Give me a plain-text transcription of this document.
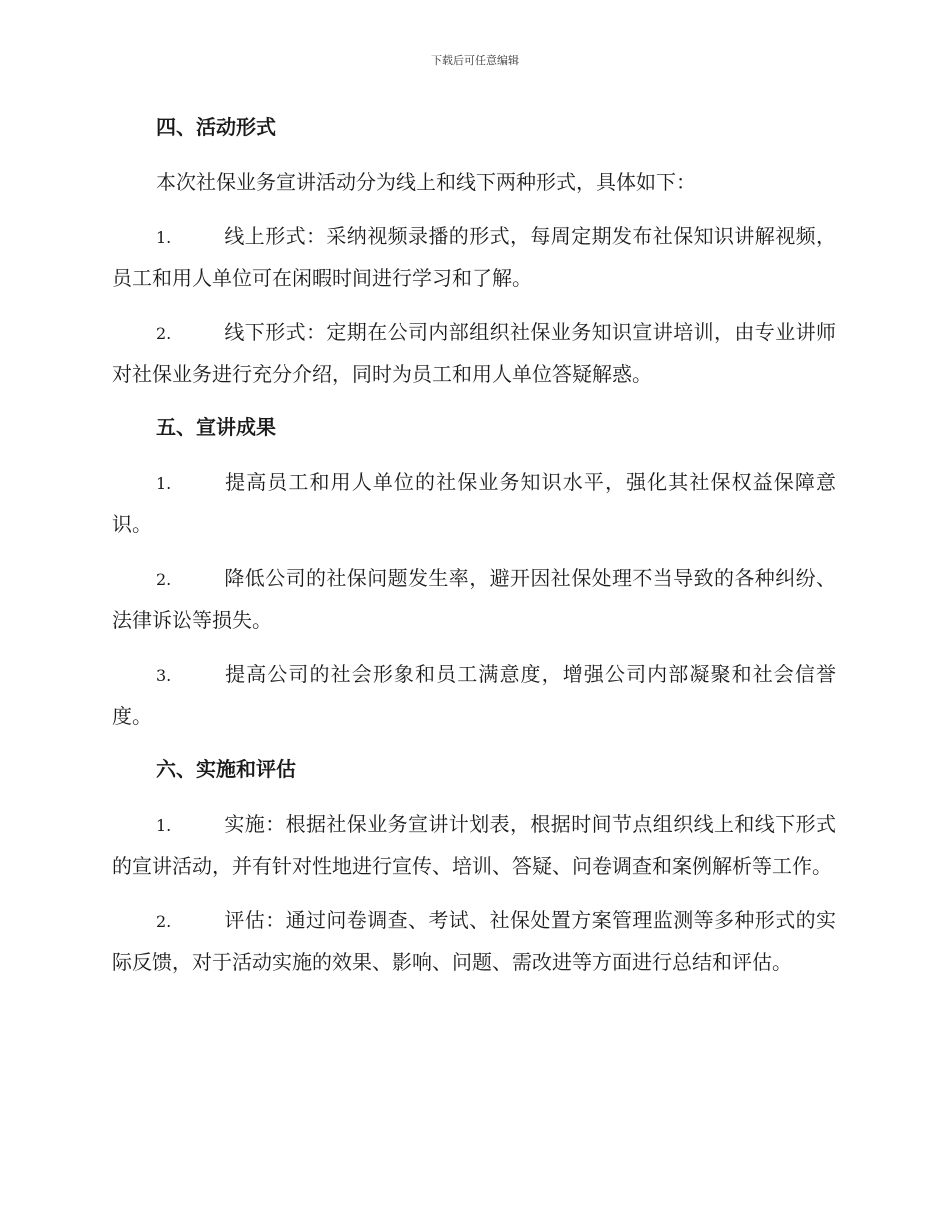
下载后可任意编辑
四、活动形式

本次社保业务宣讲活动分为线上和线下两种形式，具体如下：

1.	线上形式：采纳视频录播的形式，每周定期发布社保知识讲解视频，员工和用人单位可在闲暇时间进行学习和了解。

2.	线下形式：定期在公司内部组织社保业务知识宣讲培训，由专业讲师对社保业务进行充分介绍，同时为员工和用人单位答疑解惑。

五、宣讲成果

1.	提高员工和用人单位的社保业务知识水平，强化其社保权益保障意识。

2.	降低公司的社保问题发生率，避开因社保处理不当导致的各种纠纷、法律诉讼等损失。

3.	提高公司的社会形象和员工满意度，增强公司内部凝聚和社会信誉度。

六、实施和评估

1.	实施：根据社保业务宣讲计划表，根据时间节点组织线上和线下形式的宣讲活动，并有针对性地进行宣传、培训、答疑、问卷调查和案例解析等工作。

2.	评估：通过问卷调查、考试、社保处置方案管理监测等多种形式的实际反馈，对于活动实施的效果、影响、问题、需改进等方面进行总结和评估。
